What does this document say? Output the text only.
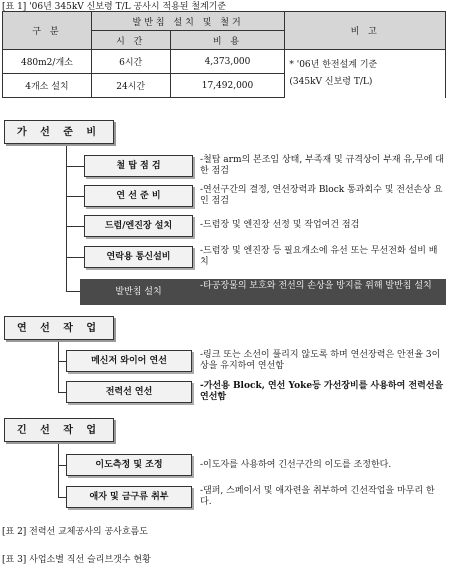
[표 1] '06년 345kV 신보령 T/L 공사시 적용된 철계기준
구 분	발반침 설치 및 철거		비 고
	시 간	비 용	
480m2/개소	6시간	4,373,000	* '06년 한전설계 기준
(345kV 신보령 T/L)

4개소 설치	24시간	17,492,000	
가 선 준 비
철 탑 점 검
-철탑 arm의 본조임 상태, 부족재 및 규격상이 부재 유,무에 대한 점검
연 선 준 비
-연선구간의 결정, 연선장력과 Block 통과회수 및 전선손상 요인 점검
드럼/엔진장 설치	-드럼장 및 엔진장 선정 및 작업여건 점검
연락용 통신설비
-드럼장 및 엔진장 등 필요개소에 유선 또는 무선전화 설비 배치
발반침 설치
-타공장물의 보호와 전선의 손상을 방지를 위해 발반침 설치
연 선 작 업
메신저 와이어 연선
-링크 또는 소선이 풀리지 않도록 하며 연선장력은 안전율 3이상을 유지하여 연선함
전력선 연선
-가선용 Block, 연선 Yoke등 가선장비를 사용하여 전력선을 연선함
긴 선 작 업
이도측정 및 조정	-이도자를 사용하여 긴선구간의 이도를 조정한다.
애자 및 금구류 취부
-댐퍼, 스페이서 및 애자련을 취부하여 긴선작업을 마무리 한다.
[표 2] 전력선 교체공사의 공사흐름도
[표 3] 사업소별 직선 슬리브갯수 현황
